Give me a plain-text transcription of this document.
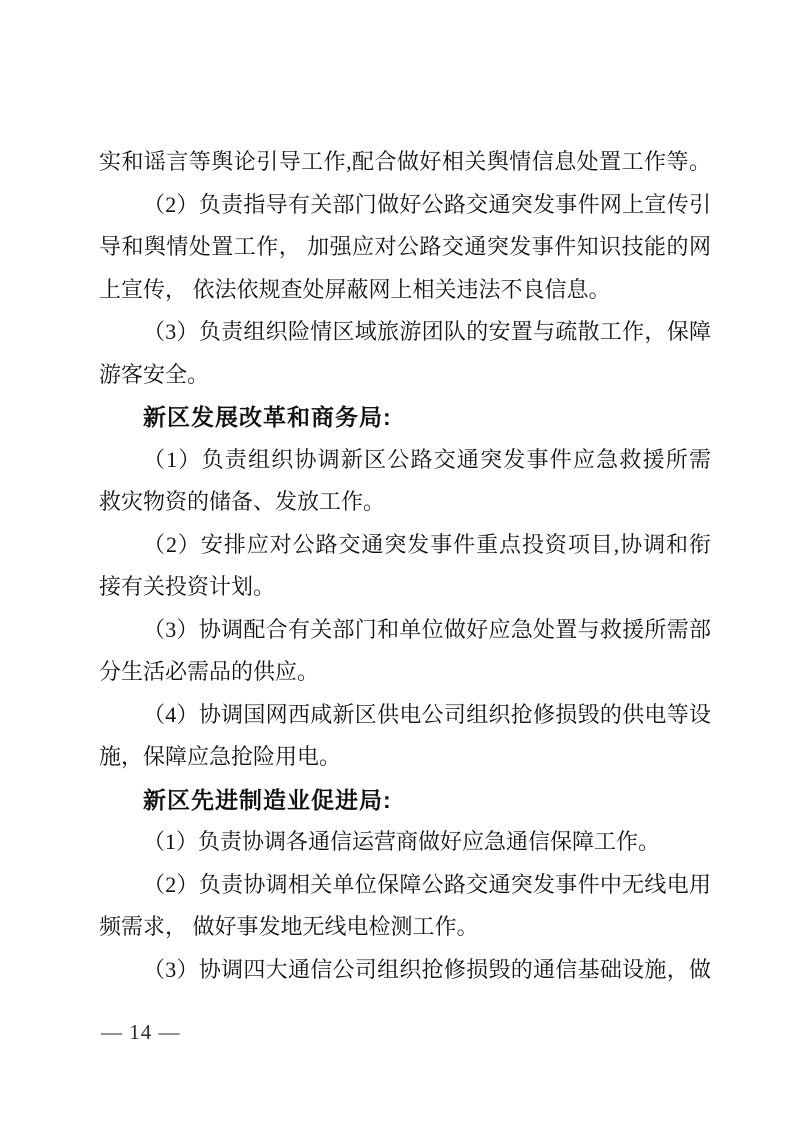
实和谣言等舆论引导工作,配合做好相关舆情信息处置工作等。
（2）负责指导有关部门做好公路交通突发事件网上宣传引
导和舆情处置工作， 加强应对公路交通突发事件知识技能的网
上宣传， 依法依规查处屏蔽网上相关违法不良信息。
（3）负责组织险情区域旅游团队的安置与疏散工作，保障
游客安全。
新区发展改革和商务局:
（1）负责组织协调新区公路交通突发事件应急救援所需
救灾物资的储备、发放工作。
（2）安排应对公路交通突发事件重点投资项目,协调和衔
接有关投资计划。
（3）协调配合有关部门和单位做好应急处置与救援所需部
分生活必需品的供应。
（4）协调国网西咸新区供电公司组织抢修损毁的供电等设
施，保障应急抢险用电。
新区先进制造业促进局:
（1）负责协调各通信运营商做好应急通信保障工作。
（2）负责协调相关单位保障公路交通突发事件中无线电用
频需求， 做好事发地无线电检测工作。
（3）协调四大通信公司组织抢修损毁的通信基础设施，做
— 14 —
